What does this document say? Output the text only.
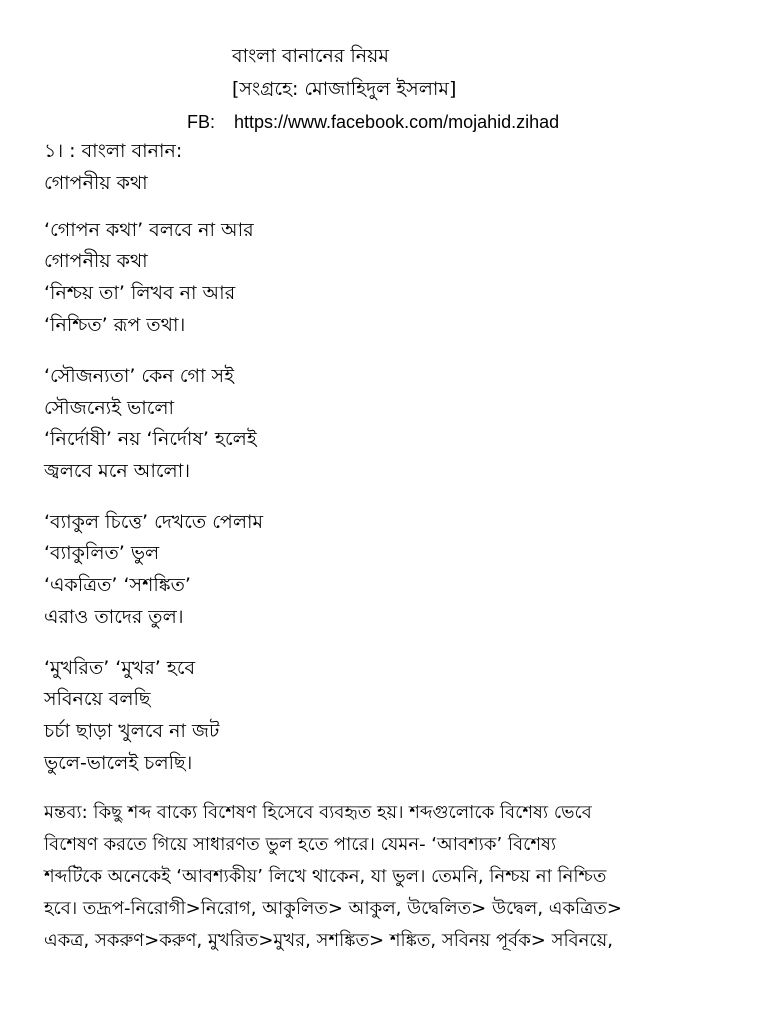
বাংলা বানানের নিয়ম
[সংগ্রহে: মোজাহিদুল ইসলাম]
FB: https://www.facebook.com/mojahid.zihad
১। : বাংলা বানান:
গোপনীয় কথা
‘গোপন কথা’ বলবে না আর
গোপনীয় কথা
‘নিশ্চয় তা’ লিখব না আর
‘নিশ্চিত’ রূপ তথা।
‘সৌজন্যতা’ কেন গো সই
সৌজন্যেই ভালো
‘নির্দোষী’ নয় ‘নির্দোষ’ হলেই
জ্বলবে মনে আলো।
‘ব্যাকুল চিত্তে’ দেখতে পেলাম
‘ব্যাকুলিত’ ভুল
‘একত্রিত’ ‘সশঙ্কিত’
এরাও তাদের তুল।
‘মুখরিত’ ‘মুখর’ হবে
সবিনয়ে বলছি
চর্চা ছাড়া খুলবে না জট
ভুলে-ভালেই চলছি।
মন্তব্য: কিছু শব্দ বাক্যে বিশেষণ হিসেবে ব্যবহৃত হয়। শব্দগুলোকে বিশেষ্য ভেবে
বিশেষণ করতে গিয়ে সাধারণত ভুল হতে পারে। যেমন- ‘আবশ্যক’ বিশেষ্য
শব্দটিকে অনেকেই ‘আবশ্যকীয়’ লিখে থাকেন, যা ভুল। তেমনি, নিশ্চয় না নিশ্চিত
হবে। তদ্রূপ-নিরোগী>নিরোগ, আকুলিত> আকুল, উদ্বেলিত> উদ্বেল, একত্রিত>
একত্র, সকরুণ>করুণ, মুখরিত>মুখর, সশঙ্কিত> শঙ্কিত, সবিনয় পূর্বক> সবিনয়ে,
